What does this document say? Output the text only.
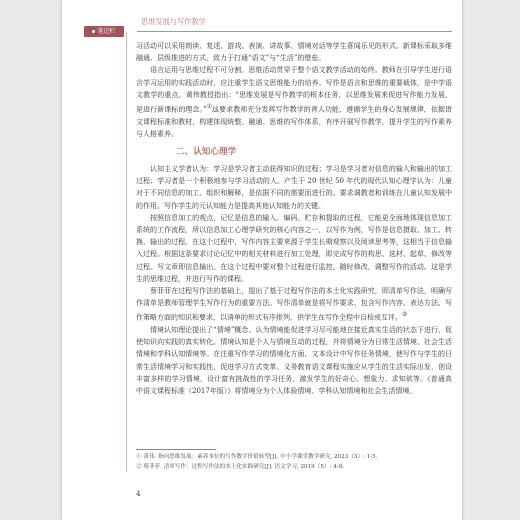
思维发展与写作教学
笔记栏

习活动可以采用朗读、复述、游戏、表演、讲故事、情境对话等学生喜闻乐见的形式。新课标采取多维融通、层级推进的方式，致力于打通“语文”与“生活”的壁垒。

语言运用与思维过程不可分割。思维活动贯穿于整个语文教学活动的始终。教师在引导学生进行语言学习运用的实践活动时，应注重学生语文思维能力的培养。写作是语言和思维的重要载体，是中学语文教学的重点。黄伟教授指出：“思维发展是写作教学的根本任务，以思维发展来促进写作能力发展，是进行新课标的理念。”①这要求教师充分发挥写作教学的育人功能，遵循学生的身心发展规律，依据语文课程标准和教材，构建体现统整、融通、思维的写作体系，有序开展写作教学，提升学生的写作素养与人格素养。

二、认知心理学

认知主义学者认为：学习是学习者主动获得知识的过程；学习是学习者对信息的输入和输出的加工过程；学习者是一个积极地参与学习活动的人。产生于 20 世纪 50 年代的现代认知心理学认为：儿童对于不同信息的加工、组织和解释，是依据不同的需要而进行的。要求调教者和训练在儿童认知发展中的作用。写作学生的元认知能力是提高其他认知能力的关键。

按照信息加工的观点，记忆是信息的输入、编码、贮存和提取的过程，它能更全面地体现信息加工系统的工作流程，所以信息加工心理学研究的核心内容之一，以写作为例，写作是信息摄取、加工、转换、输出的过程。在这个过程中，写作内容主要来源于学生长期观察以及阅读思考等，这相当于信息输入过程。根据这条要求讨论记忆中的相关材料进行加工处理，即完成写作的构思、选材、起草、修改等过程。写文章即信息输出。在这个过程中要对整个过程进行监控，随时修改，调整写作的活动。这是学生的思维过程，并进行写作的课程。

蔡菲菲在过程写作法的基础上，提出了基于过程写作法的本土化实践研究，即清单写作法，明确写作清单是教师管理学生写作行为的重要方法。写作清单就是将写作要求、包含写作内容、表达方法、写作策略方面的知识和要求，以清单的形式有序排列，供学生在写作全程中自检或互评。②

情境认知理论提出了“情境”概念。认为情境能促进学习尽可能地在接近真实生活的状态下进行，促使知识向实践的真实转化。情境认知是个人与情境互动的过程，并将情境分为日常生活情境、社会生活情境和学科认知情境等。在注重写作学习的情境化方面，文本设计中写作任务情境，使写作与学生的日常生活情境学习和实践性，促进学习方式变革。义务教育语文课程实施应从学生的生活实际出发，创设丰富多样的学习情境，设计富有挑战性的学习任务，激发学生的好奇心、想象力、求知欲等。《普通高中语文课程标准（2017年版）》将情境分为个人体验情境、学科认知情境和社会生活情境。

① 黄伟. 指向思维发展：素养本位的写作教学价值转型[J]. 中小学课堂教学研究, 2023（3）: 1-5.
② 蔡菲菲. 清单写作：过程写作法的本土化实践研究[J]. 语文学习, 2019（5）: 4-9.
4
